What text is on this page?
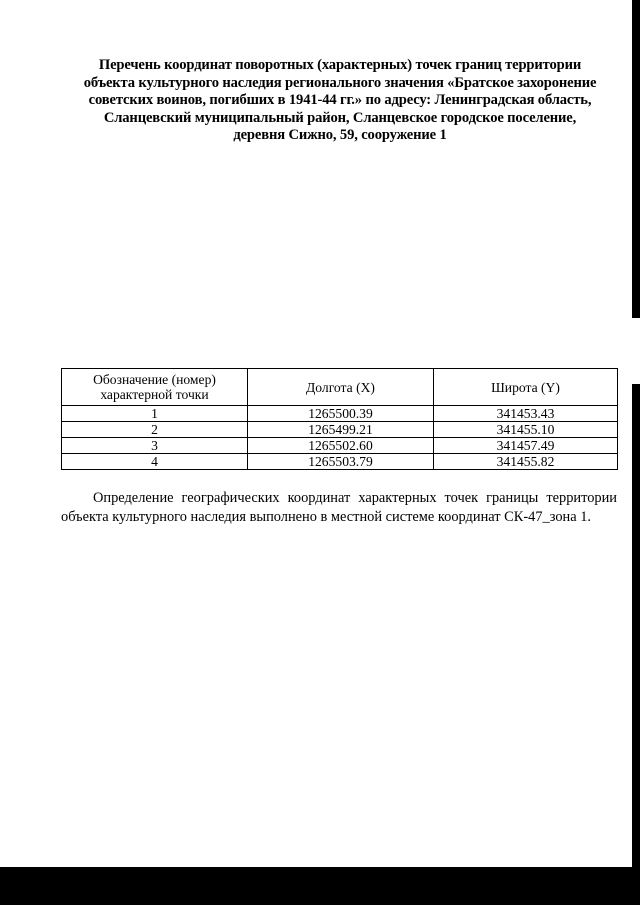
Перечень координат поворотных (характерных) точек границ территории
объекта культурного наследия регионального значения «Братское захоронение
советских воинов, погибших в 1941-44 гг.» по адресу: Ленинградская область,
Сланцевский муниципальный район, Сланцевское городское поселение,
деревня Сижно, 59, сооружение 1
Обозначение (номер) характерной точки	Долгота (X)	Широта (Y)
1	1265500.39	341453.43
2	1265499.21	341455.10
3	1265502.60	341457.49
4	1265503.79	341455.82

Определение географических координат характерных точек границы территории объекта культурного наследия выполнено в местной системе координат СК-47_зона 1.
